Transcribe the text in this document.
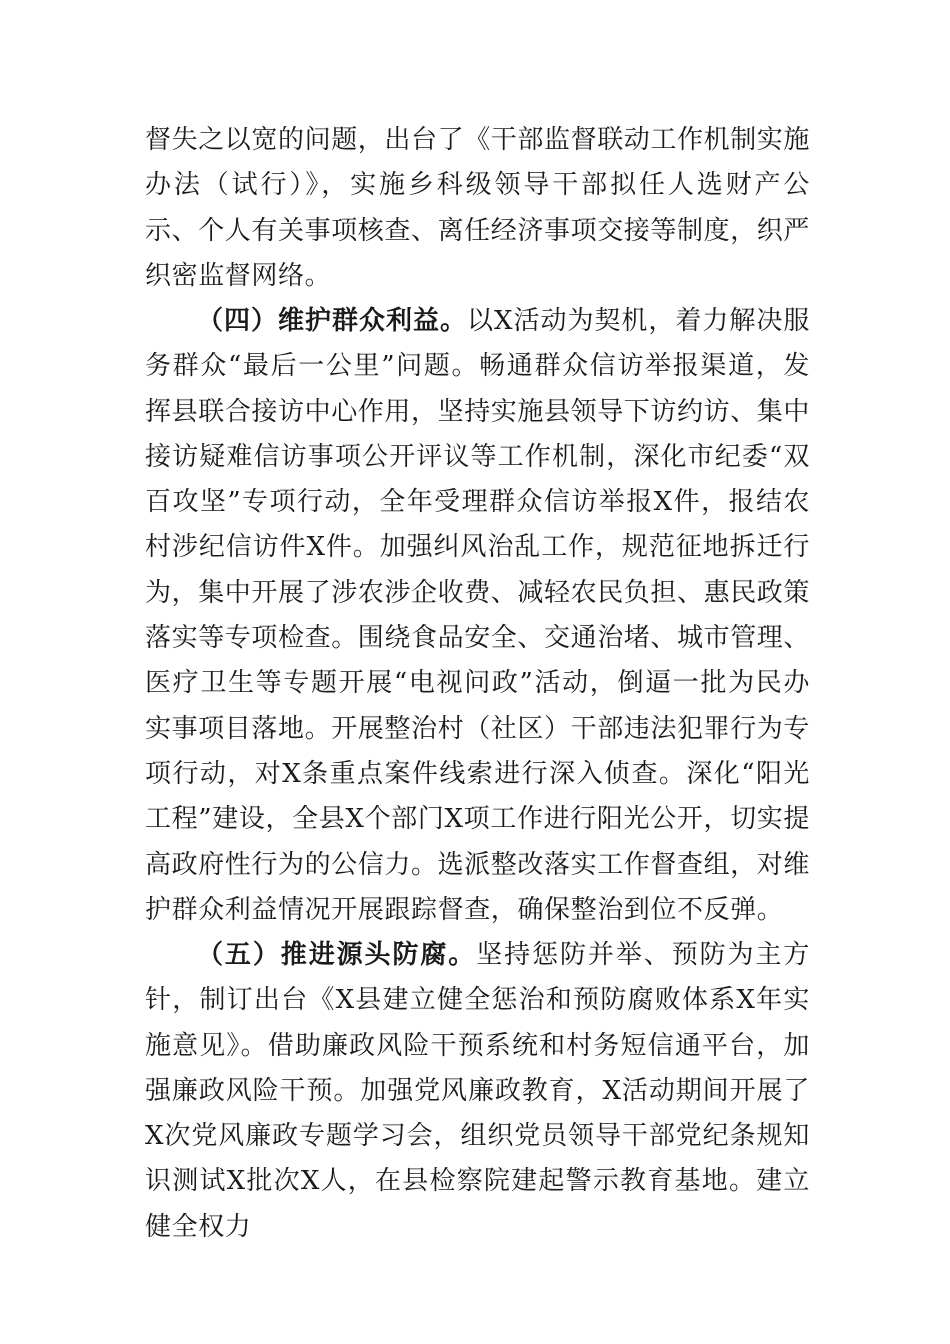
督失之以宽的问题，出台了《干部监督联动工作机制实施办法（试行）》，实施乡科级领导干部拟任人选财产公示、个人有关事项核查、离任经济事项交接等制度，织严织密监督网络。

（四）维护群众利益。以X活动为契机，着力解决服务群众“最后一公里”问题。畅通群众信访举报渠道，发挥县联合接访中心作用，坚持实施县领导下访约访、集中接访疑难信访事项公开评议等工作机制，深化市纪委“双百攻坚”专项行动，全年受理群众信访举报X件，报结农村涉纪信访件X件。加强纠风治乱工作，规范征地拆迁行为，集中开展了涉农涉企收费、减轻农民负担、惠民政策落实等专项检查。围绕食品安全、交通治堵、城市管理、医疗卫生等专题开展“电视问政”活动，倒逼一批为民办实事项目落地。开展整治村（社区）干部违法犯罪行为专项行动，对X条重点案件线索进行深入侦查。深化“阳光工程”建设，全县X个部门X项工作进行阳光公开，切实提高政府性行为的公信力。选派整改落实工作督查组，对维护群众利益情况开展跟踪督查，确保整治到位不反弹。

（五）推进源头防腐。坚持惩防并举、预防为主方针，制订出台《X县建立健全惩治和预防腐败体系X年实施意见》。借助廉政风险干预系统和村务短信通平台，加强廉政风险干预。加强党风廉政教育，X活动期间开展了X次党风廉政专题学习会，组织党员领导干部党纪条规知识测试X批次X人，在县检察院建起警示教育基地。建立健全权力
